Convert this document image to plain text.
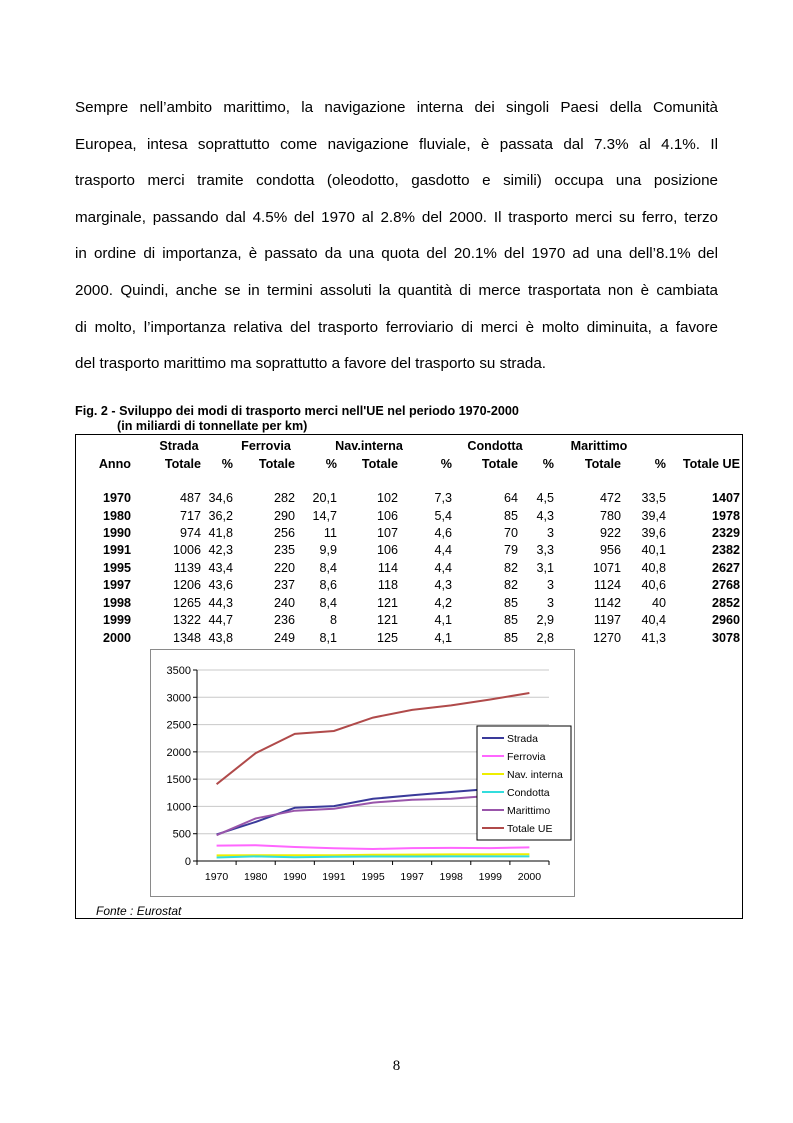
Sempre nell’ambito marittimo, la navigazione interna dei singoli Paesi della Comunità
Europea, intesa soprattutto come navigazione fluviale, è passata dal 7.3% al 4.1%. Il
trasporto merci tramite condotta (oleodotto, gasdotto e simili) occupa una posizione
marginale, passando dal 4.5% del 1970 al 2.8% del 2000. Il trasporto merci su ferro, terzo
in ordine di importanza, è passato da una quota del 20.1% del 1970 ad una dell’8.1% del
2000. Quindi, anche se in termini assoluti la quantità di merce trasportata non è cambiata
di molto, l’importanza relativa del trasporto ferroviario di merci è molto diminuita, a favore
del trasporto marittimo ma soprattutto a favore del trasporto su strada.
Fig. 2 - Sviluppo dei modi di trasporto merci nell'UE nel periodo 1970-2000
(in miliardi di tonnellate per km)
Strada	Ferrovia	Nav.interna	Condotta	Marittimo
Anno	Totale % Totale % Totale	% Totale % Totale	% Totale UE
1970	487 34,6	282 20,1	102	7,3	64 4,5	472 33,5	1407
1980	717 36,2	290 14,7	106	5,4	85 4,3	780 39,4	1978
1990	974 41,8	256 11	107	4,6	70 3	922 39,6	2329
1991	1006 42,3	235 9,9	106	4,4	79 3,3	956 40,1	2382
1995	1139 43,4	220 8,4	114	4,4	82 3,1	1071 40,8	2627
1997	1206 43,6	237 8,6	118	4,3	82 3	1124 40,6	2768
1998	1265 44,3	240 8,4	121	4,2	85 3	1142 40	2852
1999	1322 44,7	236	8	121	4,1	85 2,9	1197 40,4	2960
2000	1348 43,8	249 8,1	125	4,1	85 2,8	1270 41,3	3078
0
500
1000
1500
2000
2500
3000
3500
1970 1980 1990 1991 1995 1997 1998 1999 2000
Strada
Ferrovia
Nav. interna
Condotta
Marittimo
Totale UE
Fonte : Eurostat
8
